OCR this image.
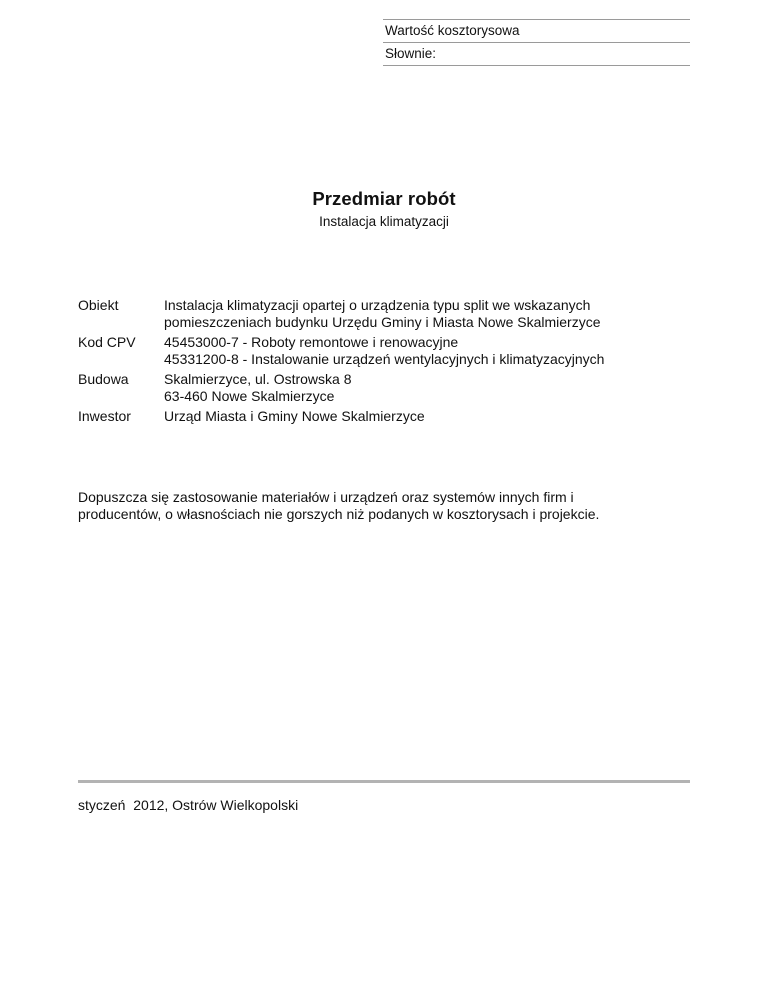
Wartość kosztorysowa
Słownie:
Przedmiar robót
Instalacja klimatyzacji
Obiekt	Instalacja klimatyzacji opartej o urządzenia typu split we wskazanych
pomieszczeniach budynku Urzędu Gminy i Miasta Nowe Skalmierzyce
Kod CPV	45453000-7 - Roboty remontowe i renowacyjne
45331200-8 - Instalowanie urządzeń wentylacyjnych i klimatyzacyjnych
Budowa	Skalmierzyce, ul. Ostrowska 8
63-460 Nowe Skalmierzyce
Inwestor	Urząd Miasta i Gminy Nowe Skalmierzyce
Dopuszcza się zastosowanie materiałów i urządzeń oraz systemów innych firm i
producentów, o własnościach nie gorszych niż podanych w kosztorysach i projekcie.
styczeń  2012, Ostrów Wielkopolski
